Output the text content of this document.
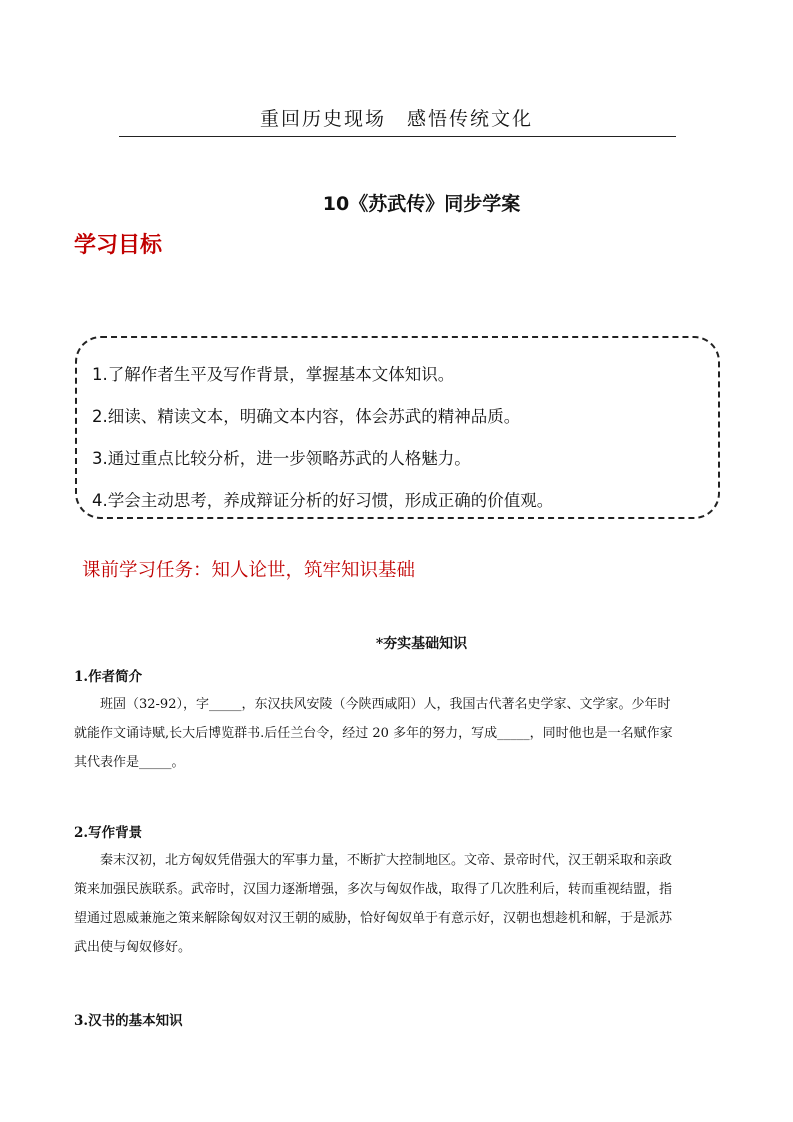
重回历史现场　感悟传统文化
10《苏武传》同步学案
学习目标
1.了解作者生平及写作背景，掌握基本文体知识。
2.细读、精读文本，明确文本内容，体会苏武的精神品质。
3.通过重点比较分析，进一步领略苏武的人格魅力。
4.学会主动思考，养成辩证分析的好习惯，形成正确的价值观。
课前学习任务：知人论世，筑牢知识基础
*夯实基础知识
1.作者简介
班固（32-92），字_____，东汉扶风安陵（今陕西咸阳）人，我国古代著名史学家、文学家。少年时
就能作文诵诗赋,长大后博览群书.后任兰台令，经过 20 多年的努力，写成_____，同时他也是一名赋作家
其代表作是_____。
2.写作背景
秦末汉初，北方匈奴凭借强大的军事力量，不断扩大控制地区。文帝、景帝时代，汉王朝采取和亲政
策来加强民族联系。武帝时，汉国力逐渐增强，多次与匈奴作战，取得了几次胜利后，转而重视结盟，指
望通过恩威兼施之策来解除匈奴对汉王朝的威胁，恰好匈奴单于有意示好，汉朝也想趁机和解，于是派苏
武出使与匈奴修好。
3.汉书的基本知识
